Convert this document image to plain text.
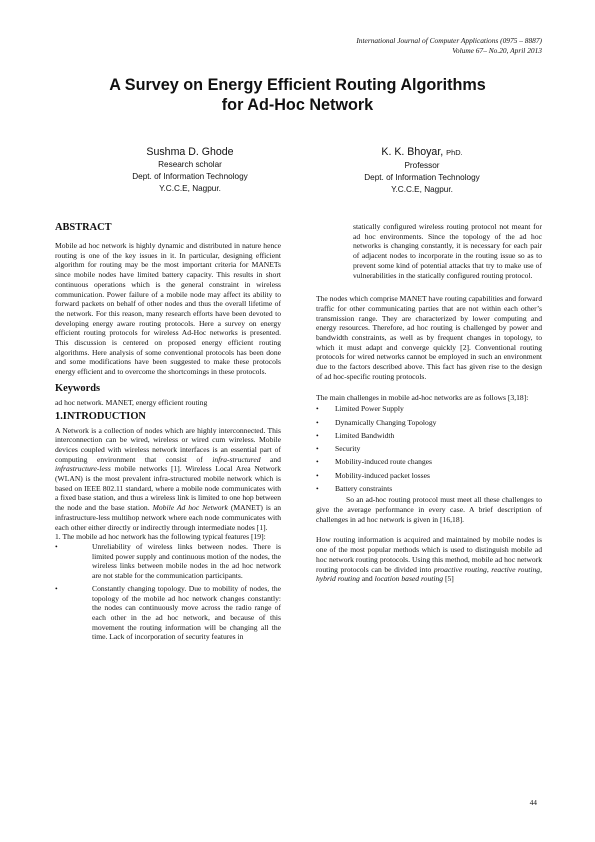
International Journal of Computer Applications (0975 – 8887)
Volume 67– No.20, April 2013
A Survey on Energy Efficient Routing Algorithms
for Ad-Hoc Network
Sushma D. Ghode
Research scholar
Dept. of Information Technology
Y.C.C.E, Nagpur.
K. K. Bhoyar, PhD.
Professor
Dept. of Information Technology
Y.C.C.E, Nagpur.
ABSTRACT

Mobile ad hoc network is highly dynamic and distributed in nature hence routing is one of the key issues in it. In particular, designing efficient algorithm for routing may be the most important criteria for MANETs since mobile nodes have limited battery capacity. This results in short continuous operations which is the general constraint in wireless communication. Power failure of a mobile node may affect its ability to forward packets on behalf of other nodes and thus the overall lifetime of the network. For this reason, many research efforts have been devoted to developing energy aware routing protocols. Here a survey on energy efficient routing protocols for wireless Ad-Hoc networks is presented. This discussion is centered on proposed energy efficient routing algorithms. Here analysis of some conventional protocols has been done and some modifications have been suggested to make these protocols energy efficient and to overcome the shortcomings in these protocols.

Keywords

ad hoc network. MANET, energy efficient routing

1.INTRODUCTION

A Network is a collection of nodes which are highly interconnected. This interconnection can be wired, wireless or wired cum wireless. Mobile devices coupled with wireless network interfaces is an essential part of computing environment that consist of infra-structured and infrastructure-less mobile networks [1]. Wireless Local Area Network (WLAN) is the most prevalent infra-structured mobile network which is based on IEEE 802.11 standard, where a mobile node communicates with a fixed base station, and thus a wireless link is limited to one hop between the node and the base station. Mobile Ad hoc Network (MANET) is an infrastructure-less multihop network where each node communicates with each other either directly or indirectly through intermediate nodes [1].

1. The mobile ad hoc network has the following typical features [19]:

•	Unreliability of wireless links between nodes. There is limited power supply and continuous motion of the nodes, the wireless links between mobile nodes in the ad hoc network are not stable for the communication participants.
•	Constantly changing topology. Due to mobility of nodes, the topology of the mobile ad hoc network changes constantly: the nodes can continuously move across the radio range of each other in the ad hoc network, and because of this movement the routing information will be changing all the time. Lack of incorporation of security features in

statically configured wireless routing protocol not meant for ad hoc environments. Since the topology of the ad hoc networks is changing constantly, it is necessary for each pair of adjacent nodes to incorporate in the routing issue so as to prevent some kind of potential attacks that try to make use of vulnerabilities in the statically configured routing protocol.

The nodes which comprise MANET have routing capabilities and forward traffic for other communicating parties that are not within each other’s transmission range. They are characterized by lower computing and energy resources. Therefore, ad hoc routing is challenged by power and bandwidth constraints, as well as by frequent changes in topology, to which it must adapt and converge quickly [2]. Conventional routing protocols for wired networks cannot be employed in such an environment due to the factors described above. This fact has given rise to the design of ad hoc-specific routing protocols.

The main challenges in mobile ad-hoc networks are as follows [3,18]:

• Limited Power Supply
• Dynamically Changing Topology
• Limited Bandwidth
• Security
• Mobility-induced route changes
• Mobility-induced packet losses
• Battery constraints

So an ad-hoc routing protocol must meet all these challenges to give the average performance in every case. A brief description of challenges in ad hoc network is given in [16,18].

How routing information is acquired and maintained by mobile nodes is one of the most popular methods which is used to distinguish mobile ad hoc network routing protocols. Using this method, mobile ad hoc network routing protocols can be divided into proactive routing, reactive routing, hybrid routing and location based routing [5]

44
